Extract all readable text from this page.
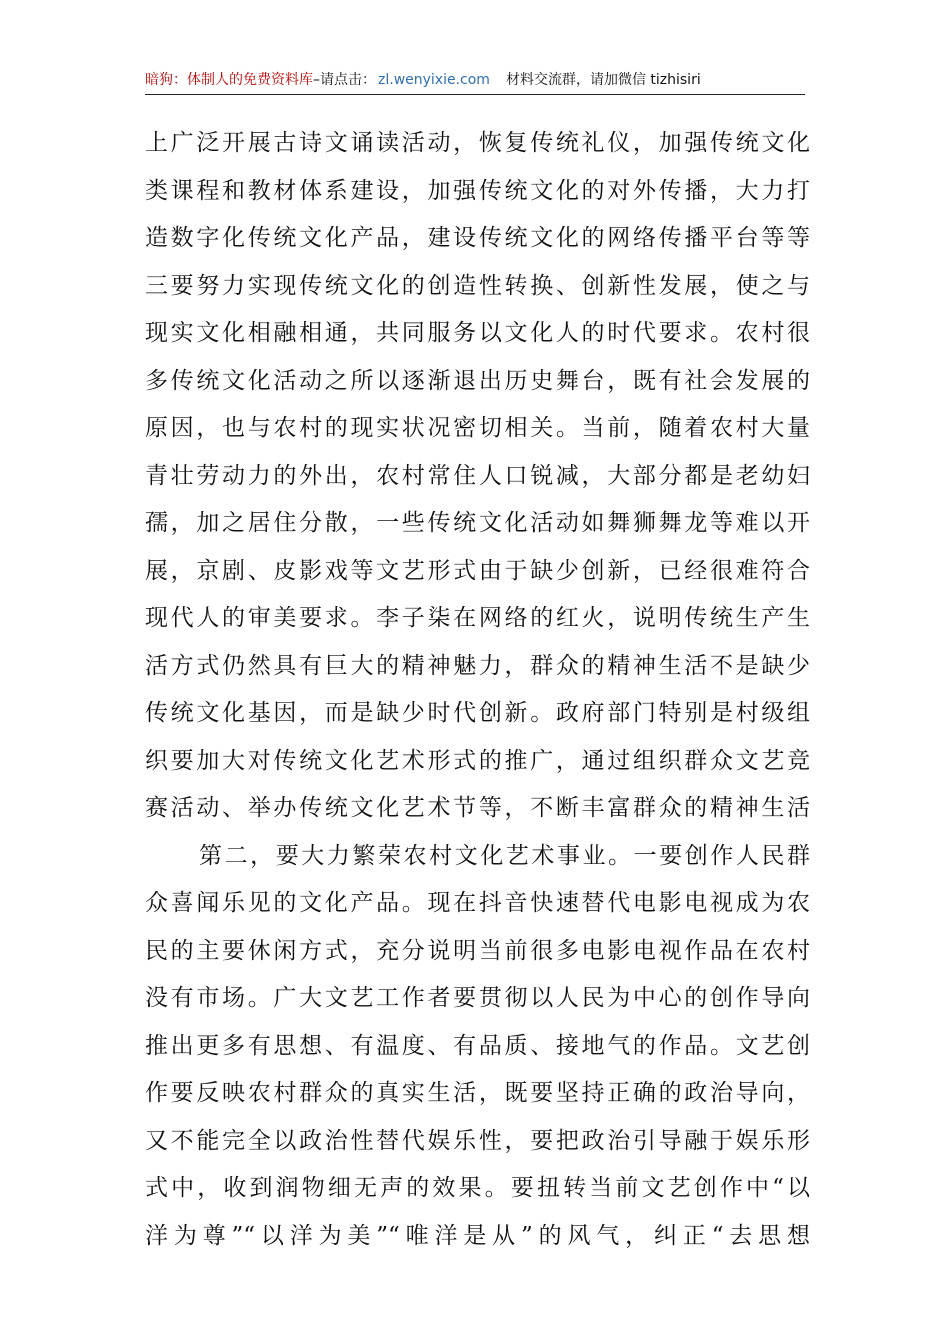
暗狗：体制人的免费资料库–请点击： zl.wenyixie.com 材料交流群，请加微信 tizhisiri
上广泛开展古诗文诵读活动，恢复传统礼仪，加强传统文化
类课程和教材体系建设，加强传统文化的对外传播，大力打
造数字化传统文化产品，建设传统文化的网络传播平台等等
三要努力实现传统文化的创造性转换、创新性发展，使之与
现实文化相融相通，共同服务以文化人的时代要求。农村很
多传统文化活动之所以逐渐退出历史舞台，既有社会发展的
原因，也与农村的现实状况密切相关。当前，随着农村大量
青壮劳动力的外出，农村常住人口锐减，大部分都是老幼妇
孺，加之居住分散，一些传统文化活动如舞狮舞龙等难以开
展，京剧、皮影戏等文艺形式由于缺少创新，已经很难符合
现代人的审美要求。李子柒在网络的红火，说明传统生产生
活方式仍然具有巨大的精神魅力，群众的精神生活不是缺少
传统文化基因，而是缺少时代创新。政府部门特别是村级组
织要加大对传统文化艺术形式的推广，通过组织群众文艺竞
赛活动、举办传统文化艺术节等，不断丰富群众的精神生活
第二，要大力繁荣农村文化艺术事业。一要创作人民群
众喜闻乐见的文化产品。现在抖音快速替代电影电视成为农
民的主要休闲方式，充分说明当前很多电影电视作品在农村
没有市场。广大文艺工作者要贯彻以人民为中心的创作导向
推出更多有思想、有温度、有品质、接地气的作品。文艺创
作要反映农村群众的真实生活，既要坚持正确的政治导向，
又不能完全以政治性替代娱乐性，要把政治引导融于娱乐形
式中，收到润物细无声的效果。要扭转当前文艺创作中“以
洋为尊”“以洋为美”“唯洋是从”的风气，纠正“去思想
